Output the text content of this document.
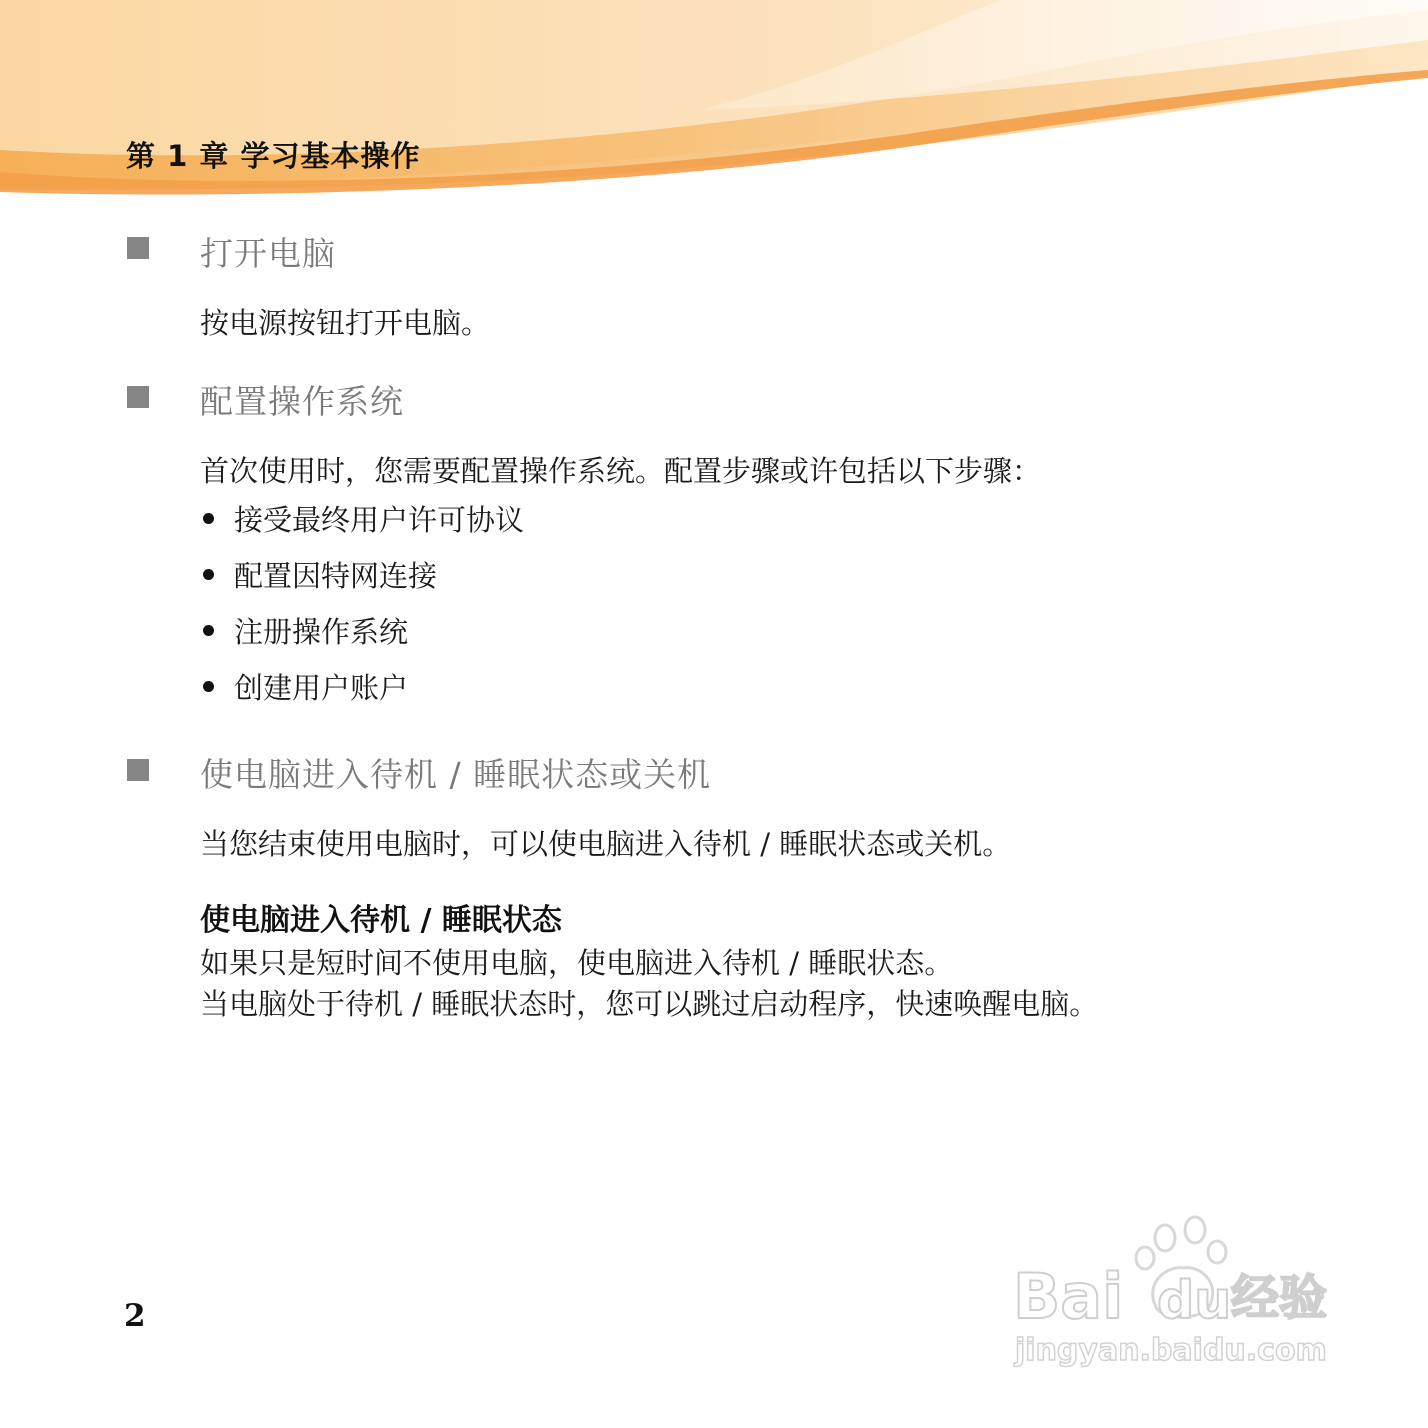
第 1 章 学习基本操作
打开电脑
按电源按钮打开电脑。
配置操作系统
首次使用时，您需要配置操作系统。配置步骤或许包括以下步骤：
接受最终用户许可协议
配置因特网连接
注册操作系统
创建用户账户
使电脑进入待机 / 睡眠状态或关机
当您结束使用电脑时，可以使电脑进入待机 / 睡眠状态或关机。
使电脑进入待机 / 睡眠状态
如果只是短时间不使用电脑，使电脑进入待机 / 睡眠状态。
当电脑处于待机 / 睡眠状态时，您可以跳过启动程序，快速唤醒电脑。
2	Bai du 经验
jingyan.baidu.com
